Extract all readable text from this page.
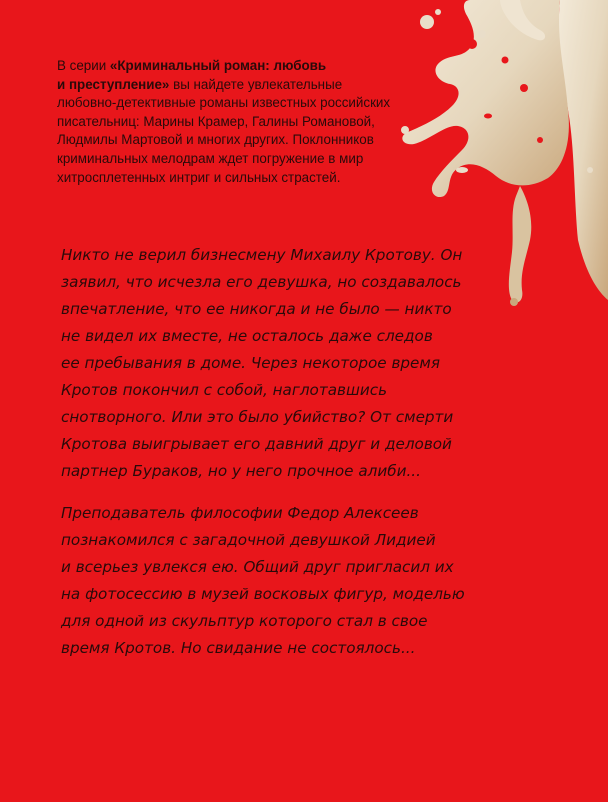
В серии «Криминальный роман: любовь
и преступление» вы найдете увлекательные
любовно-детективные романы известных российских
писательниц: Марины Крамер, Галины Романовой,
Людмилы Мартовой и многих других. Поклонников
криминальных мелодрам ждет погружение в мир
хитросплетенных интриг и сильных страстей.

Никто не верил бизнесмену Михаилу Кротову. Он
заявил, что исчезла его девушка, но создавалось
впечатление, что ее никогда и не было — никто
не видел их вместе, не осталось даже следов
ее пребывания в доме. Через некоторое время
Кротов покончил с собой, наглотавшись
снотворного. Или это было убийство? От смерти
Кротова выигрывает его давний друг и деловой
партнер Бураков, но у него прочное алиби...

Преподаватель философии Федор Алексеев
познакомился с загадочной девушкой Лидией
и всерьез увлекся ею. Общий друг пригласил их
на фотосессию в музей восковых фигур, моделью
для одной из скульптур которого стал в свое
время Кротов. Но свидание не состоялось...
